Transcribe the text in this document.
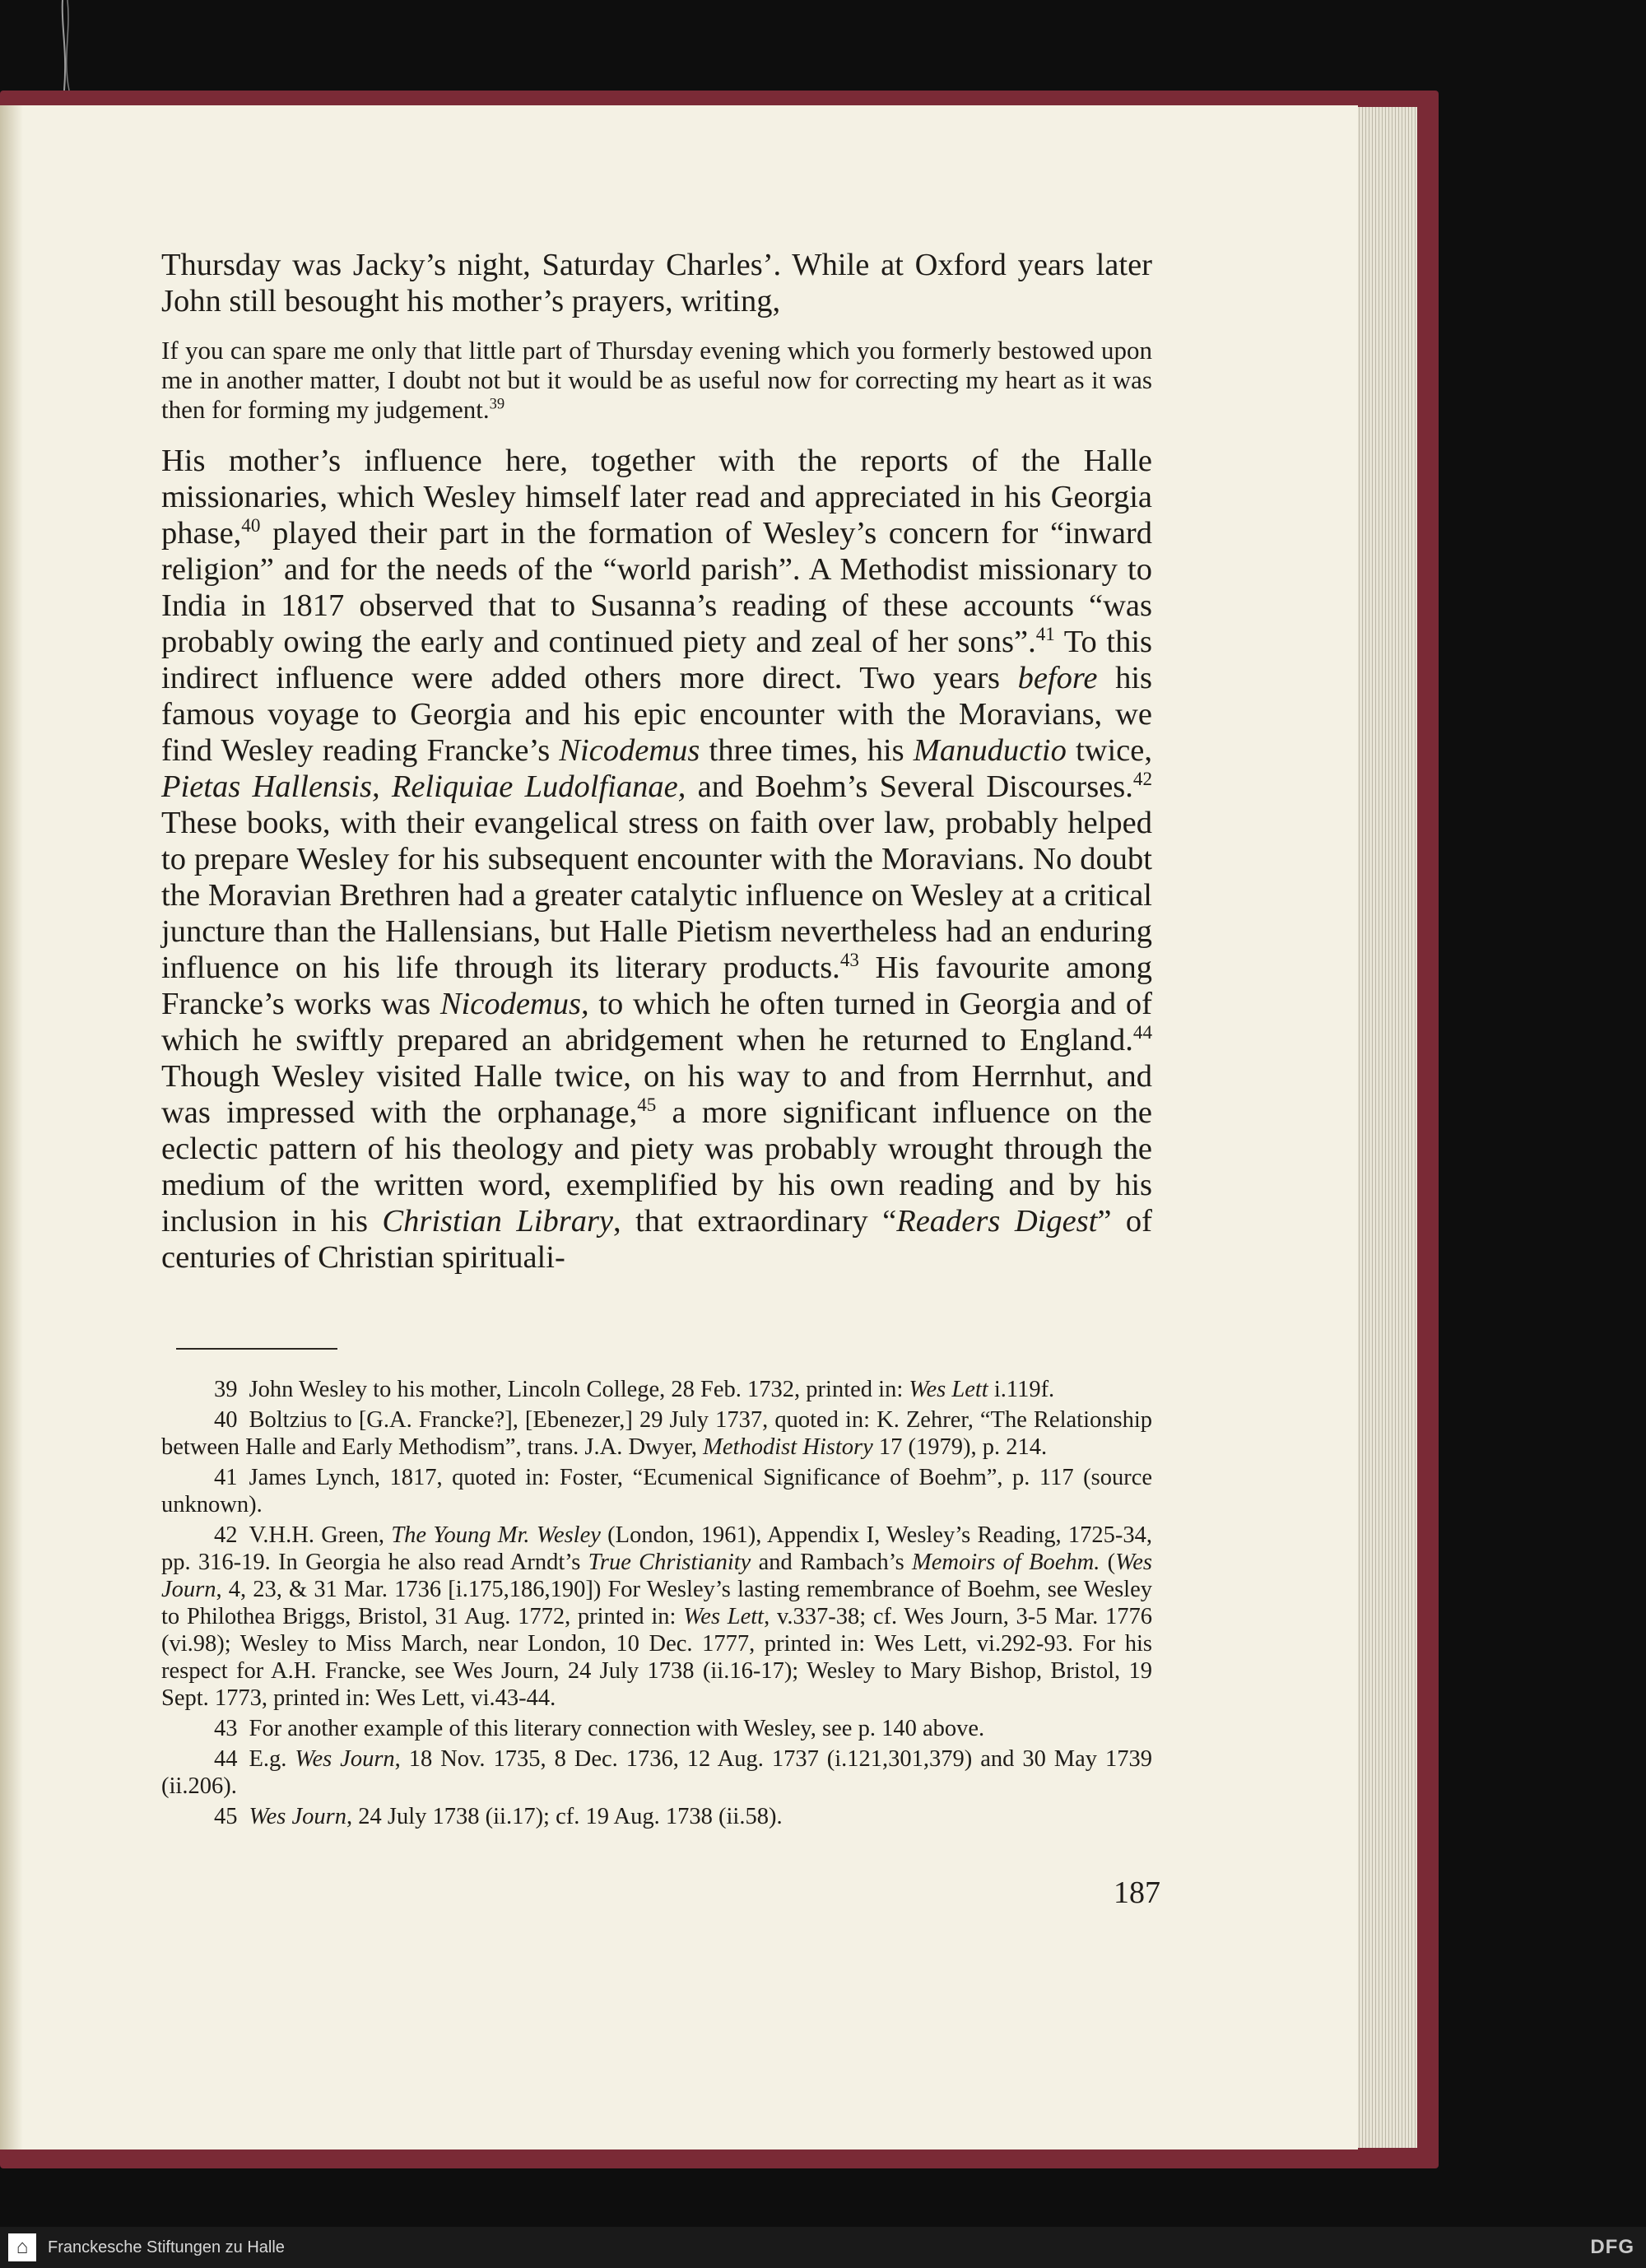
Thursday was Jacky’s night, Saturday Charles’. While at Oxford years later John still besought his mother’s prayers, writing,

If you can spare me only that little part of Thursday evening which you formerly bestowed upon me in another matter, I doubt not but it would be as useful now for correcting my heart as it was then for forming my judgement.$^{39}$

His mother’s influence here, together with the reports of the Halle missionaries, which Wesley himself later read and appreciated in his Georgia phase,$^{40}$ played their part in the formation of Wesley’s concern for “inward religion” and for the needs of the “world parish”. A Methodist missionary to India in 1817 observed that to Susanna’s reading of these accounts “was probably owing the early and continued piety and zeal of her sons”.$^{41}$ To this indirect influence were added others more direct. Two years before his famous voyage to Georgia and his epic encounter with the Moravians, we find Wesley reading Francke’s Nicodemus three times, his Manuductio twice, Pietas Hallensis, Reliquiae Ludolfianae, and Boehm’s Several Discourses.$^{42}$ These books, with their evangelical stress on faith over law, probably helped to prepare Wesley for his subsequent encounter with the Moravians. No doubt the Moravian Brethren had a greater catalytic influence on Wesley at a critical juncture than the Hallensians, but Halle Pietism nevertheless had an enduring influence on his life through its literary products.$^{43}$ His favourite among Francke’s works was Nicodemus, to which he often turned in Georgia and of which he swiftly prepared an abridgement when he returned to England.$^{44}$ Though Wesley visited Halle twice, on his way to and from Herrnhut, and was impressed with the orphanage,$^{45}$ a more significant influence on the eclectic pattern of his theology and piety was probably wrought through the medium of the written word, exemplified by his own reading and by his inclusion in his Christian Library, that extraordinary “Readers Digest” of centuries of Christian spirituali-

39 John Wesley to his mother, Lincoln College, 28 Feb. 1732, printed in: Wes Lett i.119f.

40 Boltzius to [G.A. Francke?], [Ebenezer,] 29 July 1737, quoted in: K. Zehrer, “The Relationship between Halle and Early Methodism”, trans. J.A. Dwyer, Methodist History 17 (1979), p. 214.

41 James Lynch, 1817, quoted in: Foster, “Ecumenical Significance of Boehm”, p. 117 (source unknown).

42 V.H.H. Green, The Young Mr. Wesley (London, 1961), Appendix I, Wesley’s Reading, 1725-34, pp. 316-19. In Georgia he also read Arndt’s True Christianity and Rambach’s Memoirs of Boehm. (Wes Journ, 4, 23, & 31 Mar. 1736 [i.175,186,190]) For Wesley’s lasting remembrance of Boehm, see Wesley to Philothea Briggs, Bristol, 31 Aug. 1772, printed in: Wes Lett, v.337-38; cf. Wes Journ, 3-5 Mar. 1776 (vi.98); Wesley to Miss March, near London, 10 Dec. 1777, printed in: Wes Lett, vi.292-93. For his respect for A.H. Francke, see Wes Journ, 24 July 1738 (ii.16-17); Wesley to Mary Bishop, Bristol, 19 Sept. 1773, printed in: Wes Lett, vi.43-44.

43 For another example of this literary connection with Wesley, see p. 140 above.

44 E.g. Wes Journ, 18 Nov. 1735, 8 Dec. 1736, 12 Aug. 1737 (i.121,301,379) and 30 May 1739 (ii.206).

45 Wes Journ, 24 July 1738 (ii.17); cf. 19 Aug. 1738 (ii.58).

187
⌂	Franckesche Stiftungen zu Halle	DFG
